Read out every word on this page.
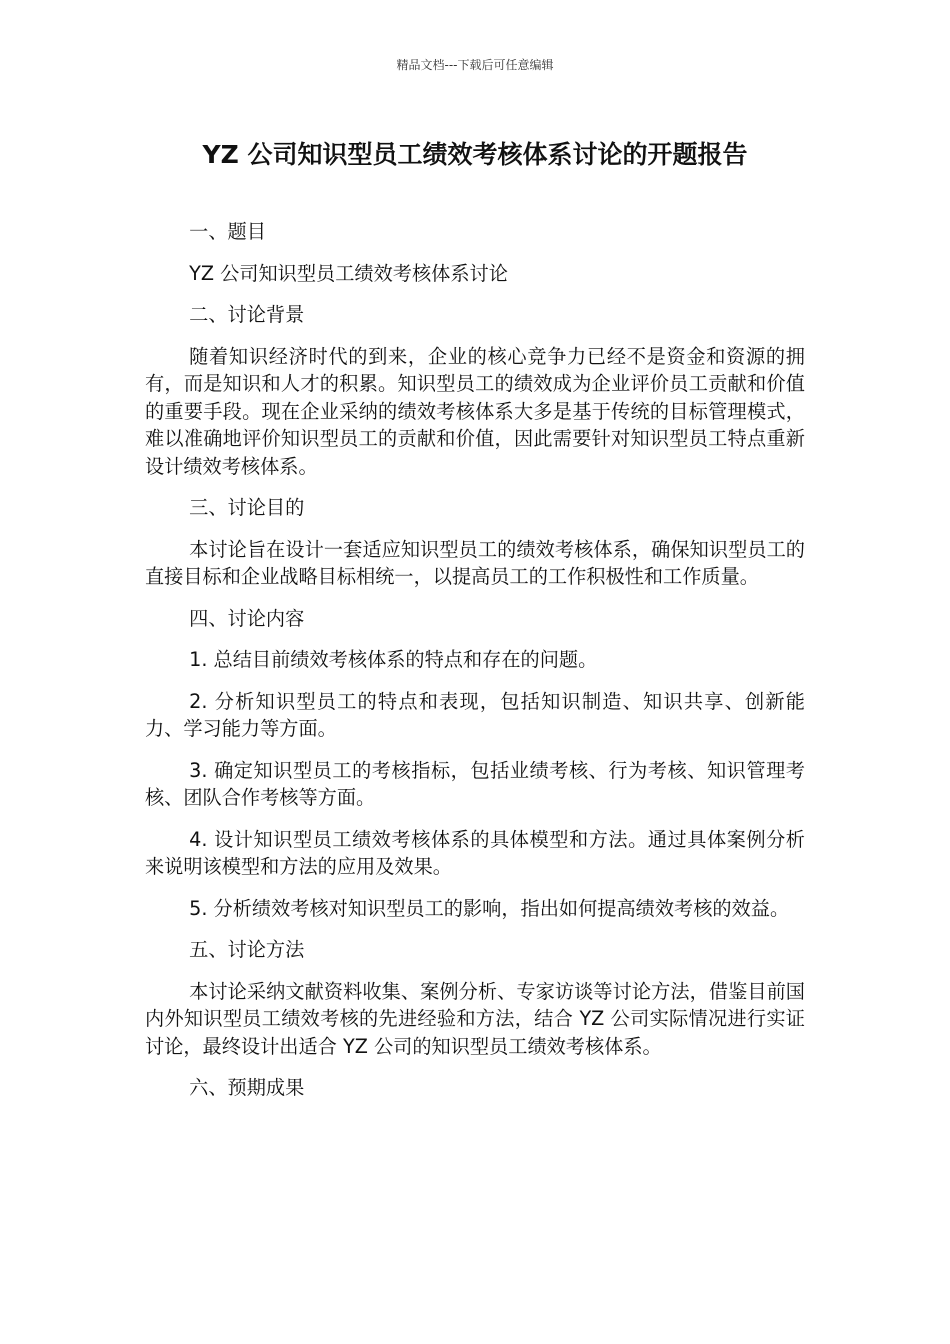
精品文档---下载后可任意编辑
YZ 公司知识型员工绩效考核体系讨论的开题报告

一、题目

YZ 公司知识型员工绩效考核体系讨论

二、讨论背景

随着知识经济时代的到来，企业的核心竞争力已经不是资金和资源的拥有，而是知识和人才的积累。知识型员工的绩效成为企业评价员工贡献和价值的重要手段。现在企业采纳的绩效考核体系大多是基于传统的目标管理模式，难以准确地评价知识型员工的贡献和价值，因此需要针对知识型员工特点重新设计绩效考核体系。

三、讨论目的

本讨论旨在设计一套适应知识型员工的绩效考核体系，确保知识型员工的直接目标和企业战略目标相统一，以提高员工的工作积极性和工作质量。

四、讨论内容

1. 总结目前绩效考核体系的特点和存在的问题。

2. 分析知识型员工的特点和表现，包括知识制造、知识共享、创新能力、学习能力等方面。

3. 确定知识型员工的考核指标，包括业绩考核、行为考核、知识管理考核、团队合作考核等方面。

4. 设计知识型员工绩效考核体系的具体模型和方法。通过具体案例分析来说明该模型和方法的应用及效果。

5. 分析绩效考核对知识型员工的影响，指出如何提高绩效考核的效益。

五、讨论方法

本讨论采纳文献资料收集、案例分析、专家访谈等讨论方法，借鉴目前国内外知识型员工绩效考核的先进经验和方法，结合 YZ 公司实际情况进行实证讨论，最终设计出适合 YZ 公司的知识型员工绩效考核体系。

六、预期成果
